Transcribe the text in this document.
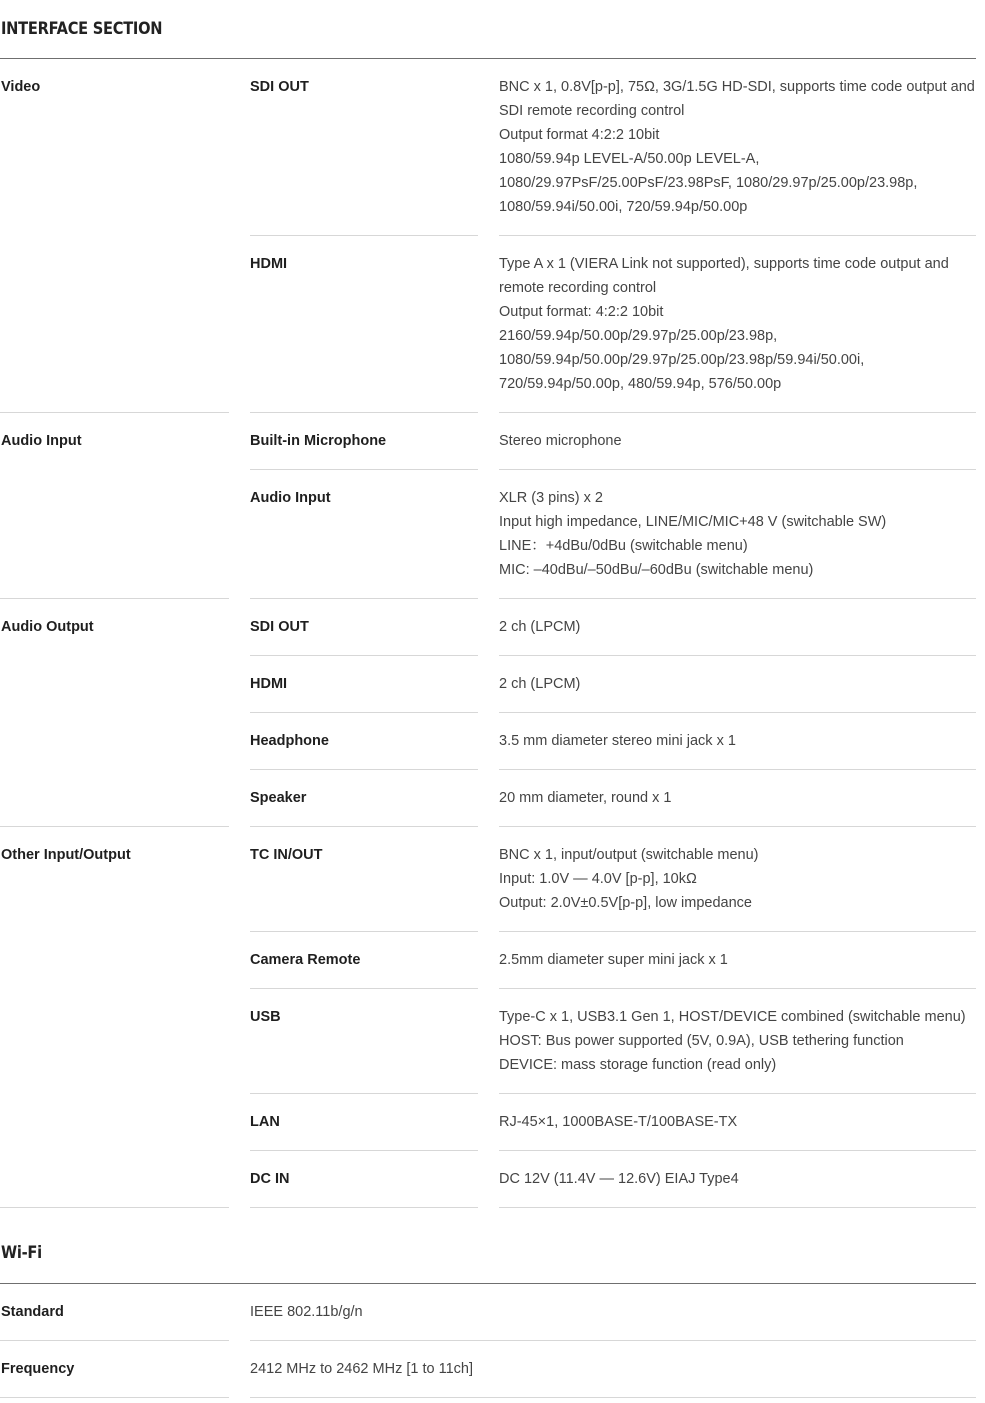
INTERFACE SECTION
Video	SDI OUT	BNC x 1, 0.8V[p-p], 75Ω, 3G/1.5G HD-SDI, supports time code output and
SDI remote recording control
Output format 4:2:2 10bit
1080/59.94p LEVEL-A/50.00p LEVEL-A,
1080/29.97PsF/25.00PsF/23.98PsF, 1080/29.97p/25.00p/23.98p,
1080/59.94i/50.00i, 720/59.94p/50.00p
HDMI	Type A x 1 (VIERA Link not supported), supports time code output and
remote recording control
Output format: 4:2:2 10bit
2160/59.94p/50.00p/29.97p/25.00p/23.98p,
1080/59.94p/50.00p/29.97p/25.00p/23.98p/59.94i/50.00i,
720/59.94p/50.00p, 480/59.94p, 576/50.00p
Audio Input	Built-in Microphone	Stereo microphone
Audio Input	XLR (3 pins) x 2
Input high impedance, LINE/MIC/MIC+48 V (switchable SW)
LINE：+4dBu/0dBu (switchable menu)
MIC: –40dBu/–50dBu/–60dBu (switchable menu)
Audio Output	SDI OUT	2 ch (LPCM)
HDMI	2 ch (LPCM)
Headphone	3.5 mm diameter stereo mini jack x 1
Speaker	20 mm diameter, round x 1
Other Input/Output	TC IN/OUT	BNC x 1, input/output (switchable menu)
Input: 1.0V — 4.0V [p-p], 10kΩ
Output: 2.0V±0.5V[p-p], low impedance
Camera Remote	2.5mm diameter super mini jack x 1
USB	Type-C x 1, USB3.1 Gen 1, HOST/DEVICE combined (switchable menu)
HOST: Bus power supported (5V, 0.9A), USB tethering function
DEVICE: mass storage function (read only)
LAN	RJ-45×1, 1000BASE-T/100BASE-TX
DC IN	DC 12V (11.4V — 12.6V) EIAJ Type4
Wi-Fi
Standard	IEEE 802.11b/g/n
Frequency	2412 MHz to 2462 MHz [1 to 11ch]
